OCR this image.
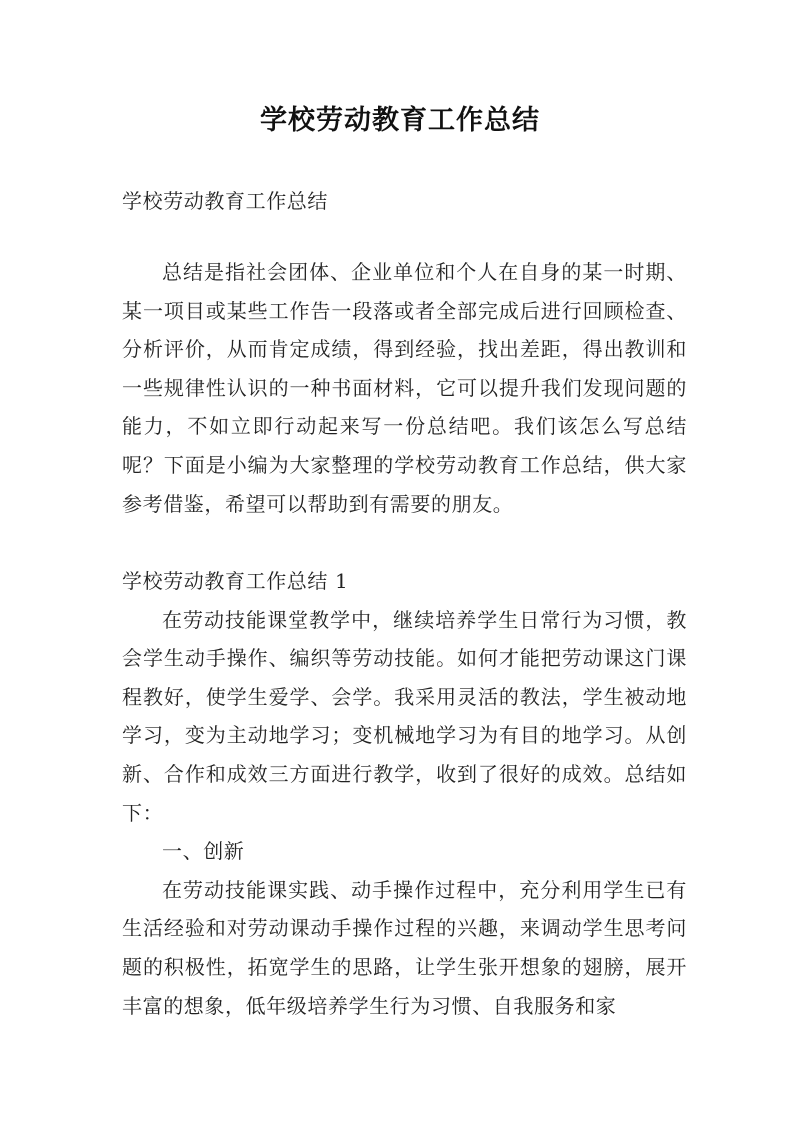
学校劳动教育工作总结
学校劳动教育工作总结
总结是指社会团体、企业单位和个人在自身的某一时期、某一项目或某些工作告一段落或者全部完成后进行回顾检查、分析评价，从而肯定成绩，得到经验，找出差距，得出教训和一些规律性认识的一种书面材料，它可以提升我们发现问题的能力，不如立即行动起来写一份总结吧。我们该怎么写总结呢？下面是小编为大家整理的学校劳动教育工作总结，供大家参考借鉴，希望可以帮助到有需要的朋友。
学校劳动教育工作总结 1

在劳动技能课堂教学中，继续培养学生日常行为习惯，教会学生动手操作、编织等劳动技能。如何才能把劳动课这门课程教好，使学生爱学、会学。我采用灵活的教法，学生被动地学习，变为主动地学习；变机械地学习为有目的地学习。从创新、合作和成效三方面进行教学，收到了很好的成效。总结如下：

一、创新

在劳动技能课实践、动手操作过程中，充分利用学生已有生活经验和对劳动课动手操作过程的兴趣，来调动学生思考问题的积极性，拓宽学生的思路，让学生张开想象的翅膀，展开丰富的想象，低年级培养学生行为习惯、自我服务和家
